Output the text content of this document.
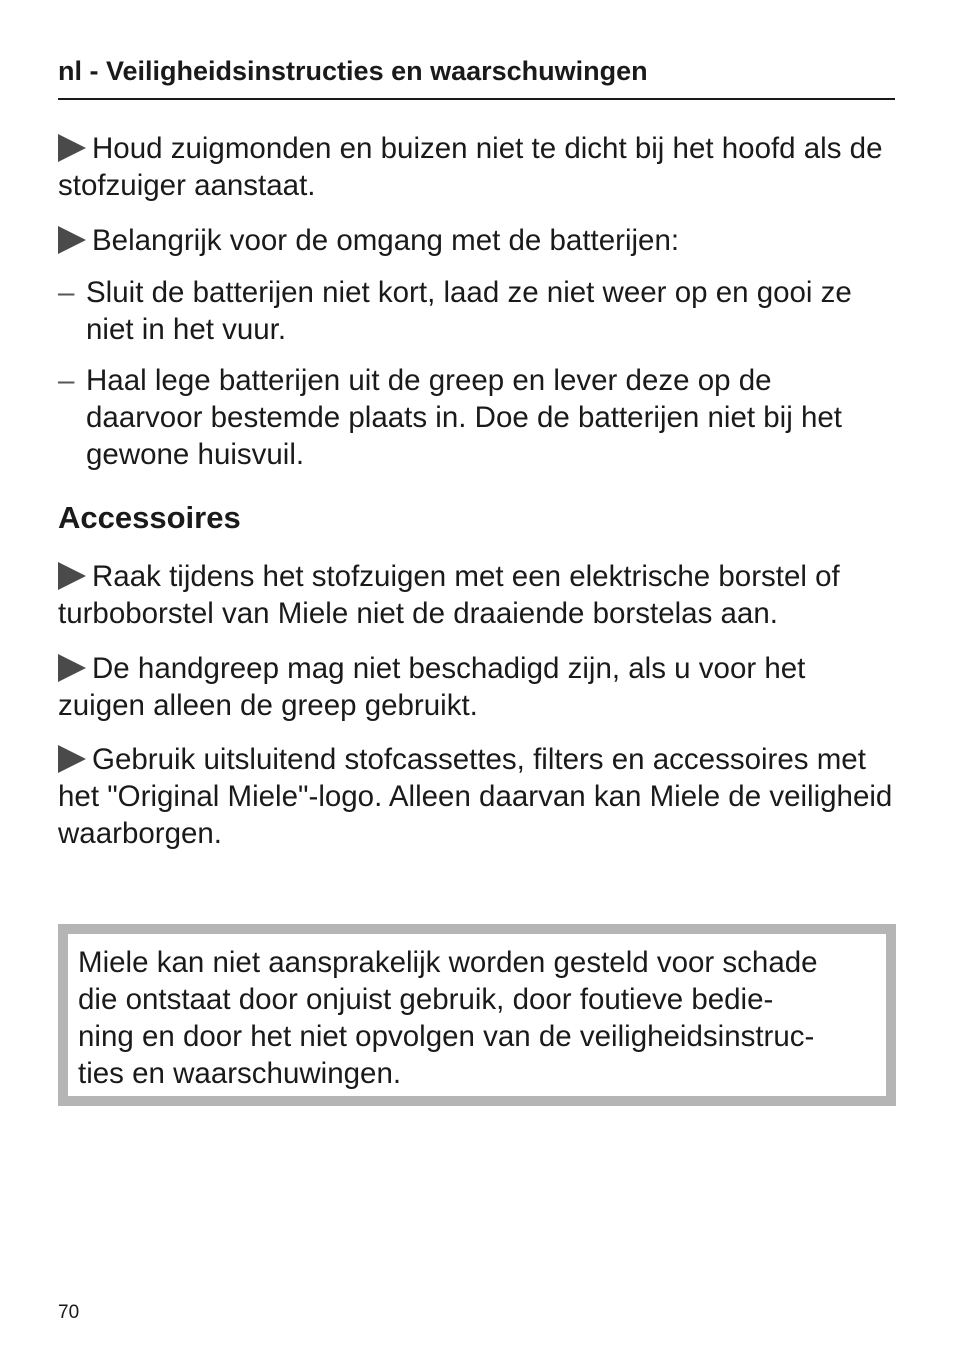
nl - Veiligheidsinstructies en waarschuwingen
Houd zuigmonden en buizen niet te dicht bij het hoofd als de stofzuiger aanstaat.
Belangrijk voor de omgang met de batterijen:
– Sluit de batterijen niet kort, laad ze niet weer op en gooi ze niet in het vuur.
– Haal lege batterijen uit de greep en lever deze op de daarvoor bestemde plaats in. Doe de batterijen niet bij het gewone huisvuil.
Accessoires
Raak tijdens het stofzuigen met een elektrische borstel of turboborstel van Miele niet de draaiende borstelas aan.
De handgreep mag niet beschadigd zijn, als u voor het zuigen alleen de greep gebruikt.
Gebruik uitsluitend stofcassettes, filters en accessoires met het "Original Miele"-logo. Alleen daarvan kan Miele de veiligheid waarborgen.
Miele kan niet aansprakelijk worden gesteld voor schade
die ontstaat door onjuist gebruik, door foutieve bedie-
ning en door het niet opvolgen van de veiligheidsinstruc-
ties en waarschuwingen.
70
